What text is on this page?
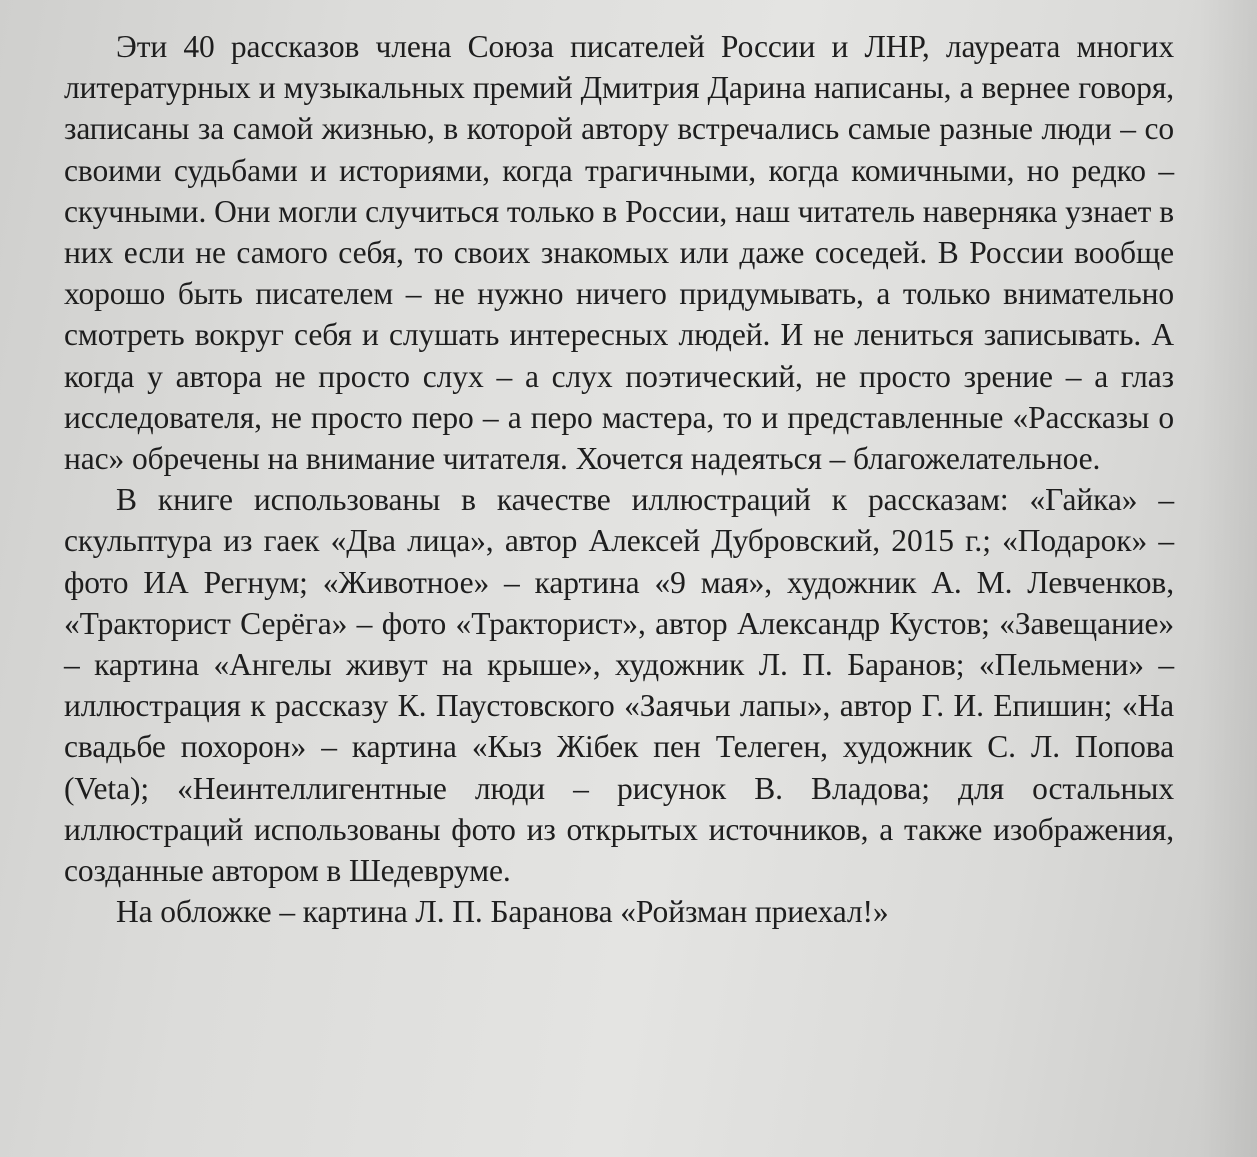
Эти 40 рассказов члена Союза писателей России и ЛНР, лауреата многих литературных и музыкальных премий Дмитрия Дарина написаны, а вернее говоря, записаны за самой жизнью, в которой автору встречались самые разные люди – со своими судьбами и историями, когда трагичными, когда комичными, но редко – скучными. Они могли случиться только в России, наш читатель наверняка узнает в них если не самого себя, то своих знакомых или даже соседей. В России вообще хорошо быть писателем – не нужно ничего придумывать, а только внимательно смотреть вокруг себя и слушать интересных людей. И не лениться записывать. А когда у автора не просто слух – а слух поэтический, не просто зрение – а глаз исследователя, не просто перо – а перо мастера, то и представленные «Рассказы о нас» обречены на внимание читателя. Хочется надеяться – благожелательное.

В книге использованы в качестве иллюстраций к рассказам: «Гайка» – скульптура из гаек «Два лица», автор Алексей Дубровский, 2015 г.; «Подарок» – фото ИА Регнум; «Животное» – картина «9 мая», художник А. М. Левченков, «Тракторист Серёга» – фото «Тракторист», автор Александр Кустов; «Завещание» – картина «Ангелы живут на крыше», художник Л. П. Баранов; «Пельмени» – иллюстрация к рассказу К. Паустовского «Заячьи лапы», автор Г. И. Епишин; «На свадьбе похорон» – картина «Кыз Жібек пен Телеген, художник С. Л. Попова (Veta); «Неинтеллигентные люди – рисунок В. Владова; для остальных иллюстраций использованы фото из открытых источников, а также изображения, созданные автором в Шедевруме.

На обложке – картина Л. П. Баранова «Ройзман приехал!»
